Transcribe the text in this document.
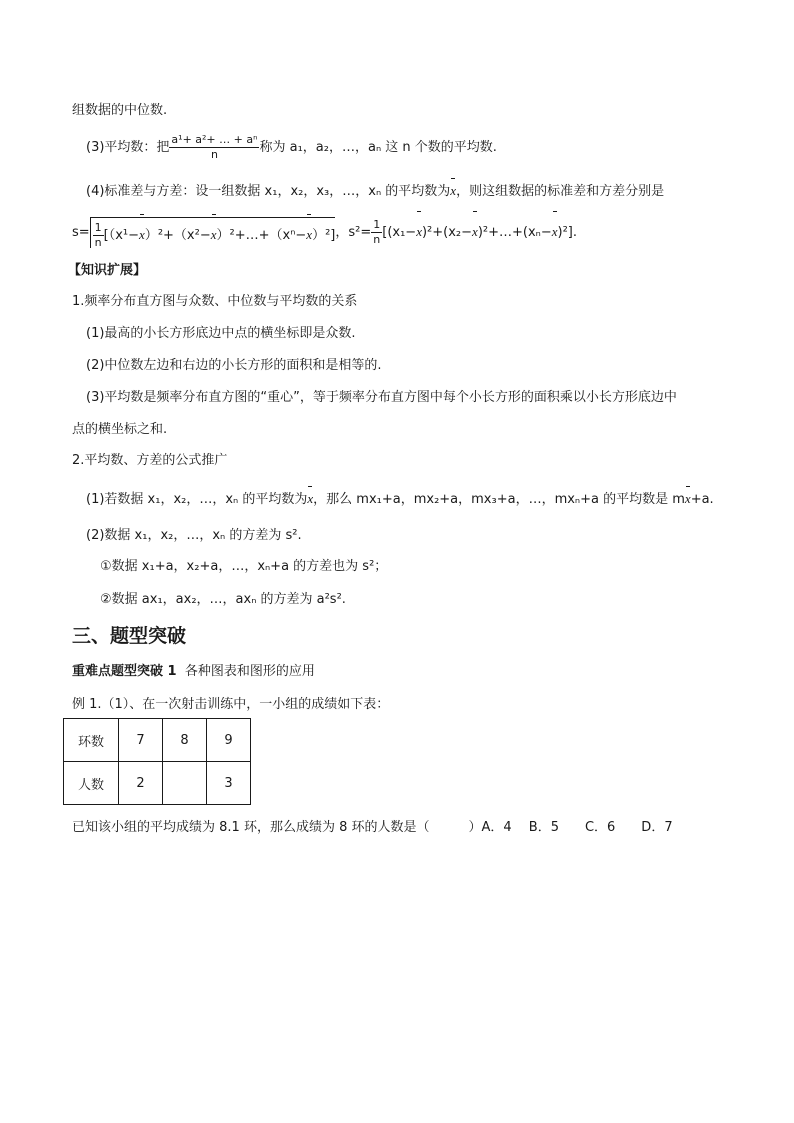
组数据的中位数.
(3)平均数：把 $\frac{\text{a¹+ a²+ … + aⁿ}}{n}$ 称为 a₁，a₂，…，aₙ 这 n 个数的平均数.
(4)标准差与方差：设一组数据 x₁，x₂，x₃，…，xₙ 的平均数为x，则这组数据的标准差和方差分别是
$s= \frac{1}{n}$ [（x¹−x）²+（x²−x）²+…+（xⁿ−x）²]，$s^2= \frac{1}{n}$ [(x₁−x)²+(x₂−x)²+…+(xₙ−x)²].
【知识扩展】
1.频率分布直方图与众数、中位数与平均数的关系
(1)最高的小长方形底边中点的横坐标即是众数.
(2)中位数左边和右边的小长方形的面积和是相等的.
(3)平均数是频率分布直方图的“重心”，等于频率分布直方图中每个小长方形的面积乘以小长方形底边中
点的横坐标之和.
2.平均数、方差的公式推广
(1)若数据 x₁，x₂，…，xₙ 的平均数为x，那么 mx₁+a，mx₂+a，mx₃+a，…，mxₙ+a 的平均数是 mx+a.
(2)数据 x₁，x₂，…，xₙ 的方差为 s².
①数据 x₁+a，x₂+a，…，xₙ+a 的方差也为 s²；
②数据 ax₁，ax₂，…，axₙ 的方差为 a²s².
三、题型突破
重难点题型突破 1 各种图表和图形的应用
例 1.（1）、在一次射击训练中，一小组的成绩如下表：
环数	7	8	9
人数	2		3
已知该小组的平均成绩为 8.1 环，那么成绩为 8 环的人数是（　　　）A．4　 B．5　　C．6　　D．7
